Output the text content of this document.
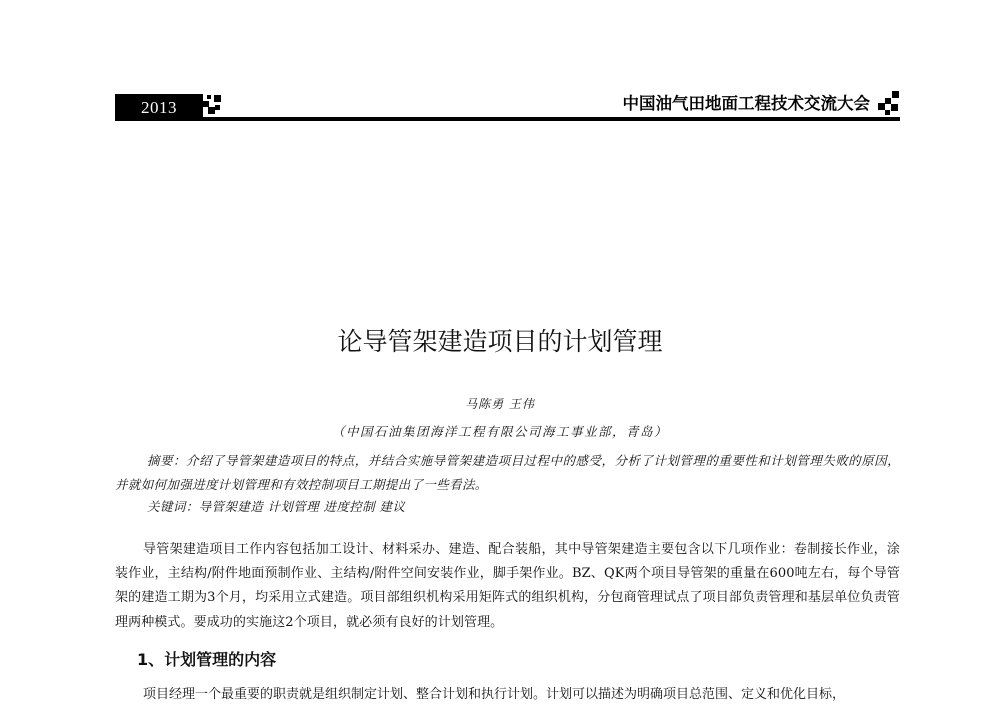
2013	中国油气田地面工程技术交流大会
论导管架建造项目的计划管理
马陈勇 王伟
（中国石油集团海洋工程有限公司海工事业部，青岛）
摘要：介绍了导管架建造项目的特点，并结合实施导管架建造项目过程中的感受，分析了计划管理的重要性和计划管理失败的原因，并就如何加强进度计划管理和有效控制项目工期提出了一些看法。
关键词：导管架建造 计划管理 进度控制 建议
导管架建造项目工作内容包括加工设计、材料采办、建造、配合装船，其中导管架建造主要包含以下几项作业：卷制接长作业，涂装作业，主结构/附件地面预制作业、主结构/附件空间安装作业，脚手架作业。BZ、QK两个项目导管架的重量在600吨左右，每个导管架的建造工期为3个月，均采用立式建造。项目部组织机构采用矩阵式的组织机构，分包商管理试点了项目部负责管理和基层单位负责管理两种模式。要成功的实施这2个项目，就必须有良好的计划管理。
1、计划管理的内容
项目经理一个最重要的职责就是组织制定计划、整合计划和执行计划。计划可以描述为明确项目总范围、定义和优化目标，
